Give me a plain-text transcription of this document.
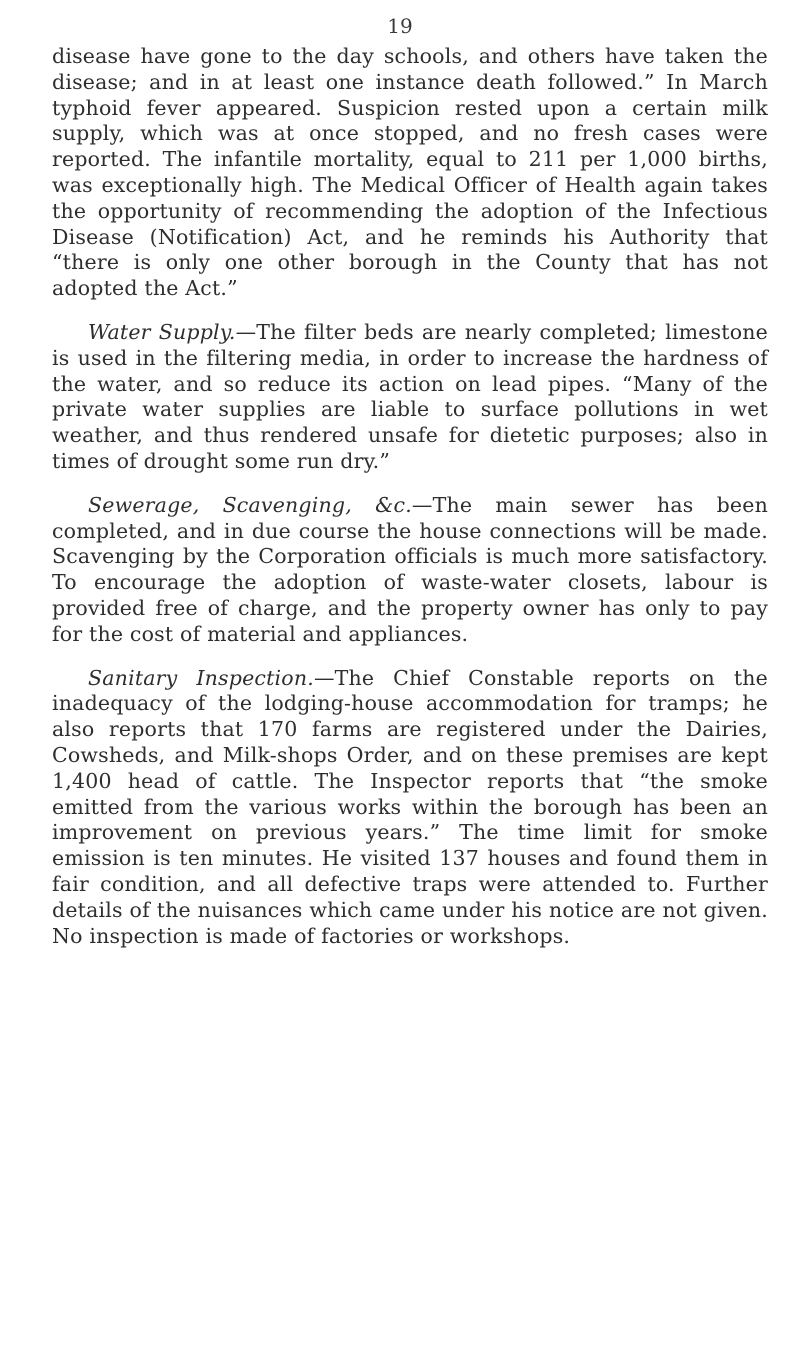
19

disease have gone to the day schools, and others have taken the disease; and in at least one instance death followed.” In March typhoid fever appeared. Suspicion rested upon a certain milk supply, which was at once stopped, and no fresh cases were reported. The infantile mortality, equal to 211 per 1,000 births, was exceptionally high. The Medical Officer of Health again takes the opportunity of recommending the adoption of the Infectious Disease (Notification) Act, and he reminds his Authority that “there is only one other borough in the County that has not adopted the Act.”

Water Supply.—The filter beds are nearly completed; limestone is used in the filtering media, in order to increase the hardness of the water, and so reduce its action on lead pipes. “Many of the private water supplies are liable to surface pollutions in wet weather, and thus rendered unsafe for dietetic purposes; also in times of drought some run dry.”

Sewerage, Scavenging, &c.—The main sewer has been completed, and in due course the house connections will be made. Scavenging by the Corporation officials is much more satisfactory. To encourage the adoption of waste-water closets, labour is provided free of charge, and the property owner has only to pay for the cost of material and appliances.

Sanitary Inspection.—The Chief Constable reports on the inadequacy of the lodging-house accommodation for tramps; he also reports that 170 farms are registered under the Dairies, Cowsheds, and Milk-shops Order, and on these premises are kept 1,400 head of cattle. The Inspector reports that “the smoke emitted from the various works within the borough has been an improvement on previous years.” The time limit for smoke emission is ten minutes. He visited 137 houses and found them in fair condition, and all defective traps were attended to. Further details of the nuisances which came under his notice are not given. No inspection is made of factories or workshops.
